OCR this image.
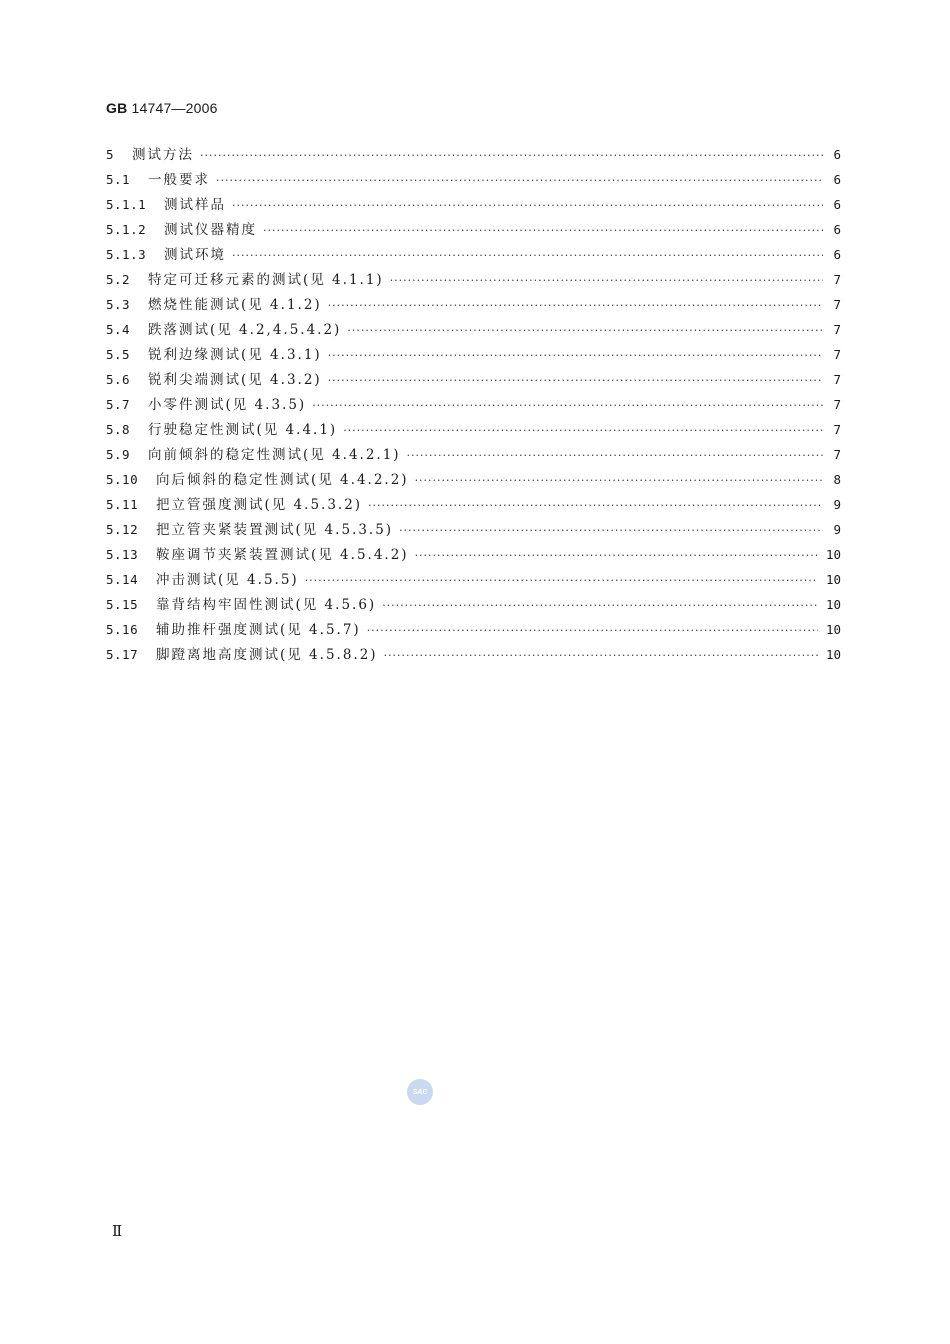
GB 14747—2006
5	测试方法 ·····	6
5.1	一般要求 ·····	6
5.1.1	测试样品 ·····	6
5.1.2	测试仪器精度 ·····	6
5.1.3	测试环境 ·····	6
5.2	特定可迁移元素的测试(见 4.1.1) ·····	7
5.3	燃烧性能测试(见 4.1.2) ·····	7
5.4	跌落测试(见 4.2,4.5.4.2) ·····	7
5.5	锐利边缘测试(见 4.3.1) ·····	7
5.6	锐利尖端测试(见 4.3.2) ·····	7
5.7	小零件测试(见 4.3.5) ·····	7
5.8	行驶稳定性测试(见 4.4.1) ·····	7
5.9	向前倾斜的稳定性测试(见 4.4.2.1) ·····	7
5.10	向后倾斜的稳定性测试(见 4.4.2.2) ·····	8
5.11	把立管强度测试(见 4.5.3.2) ·····	9
5.12	把立管夹紧装置测试(见 4.5.3.5) ·····	9
5.13	鞍座调节夹紧装置测试(见 4.5.4.2) ·····	10
5.14	冲击测试(见 4.5.5) ·····	10
5.15	靠背结构牢固性测试(见 4.5.6) ·····	10
5.16	辅助推杆强度测试(见 4.5.7) ·····	10
5.17	脚蹬离地高度测试(见 4.5.8.2) ·····	10
SAC
Ⅱ
